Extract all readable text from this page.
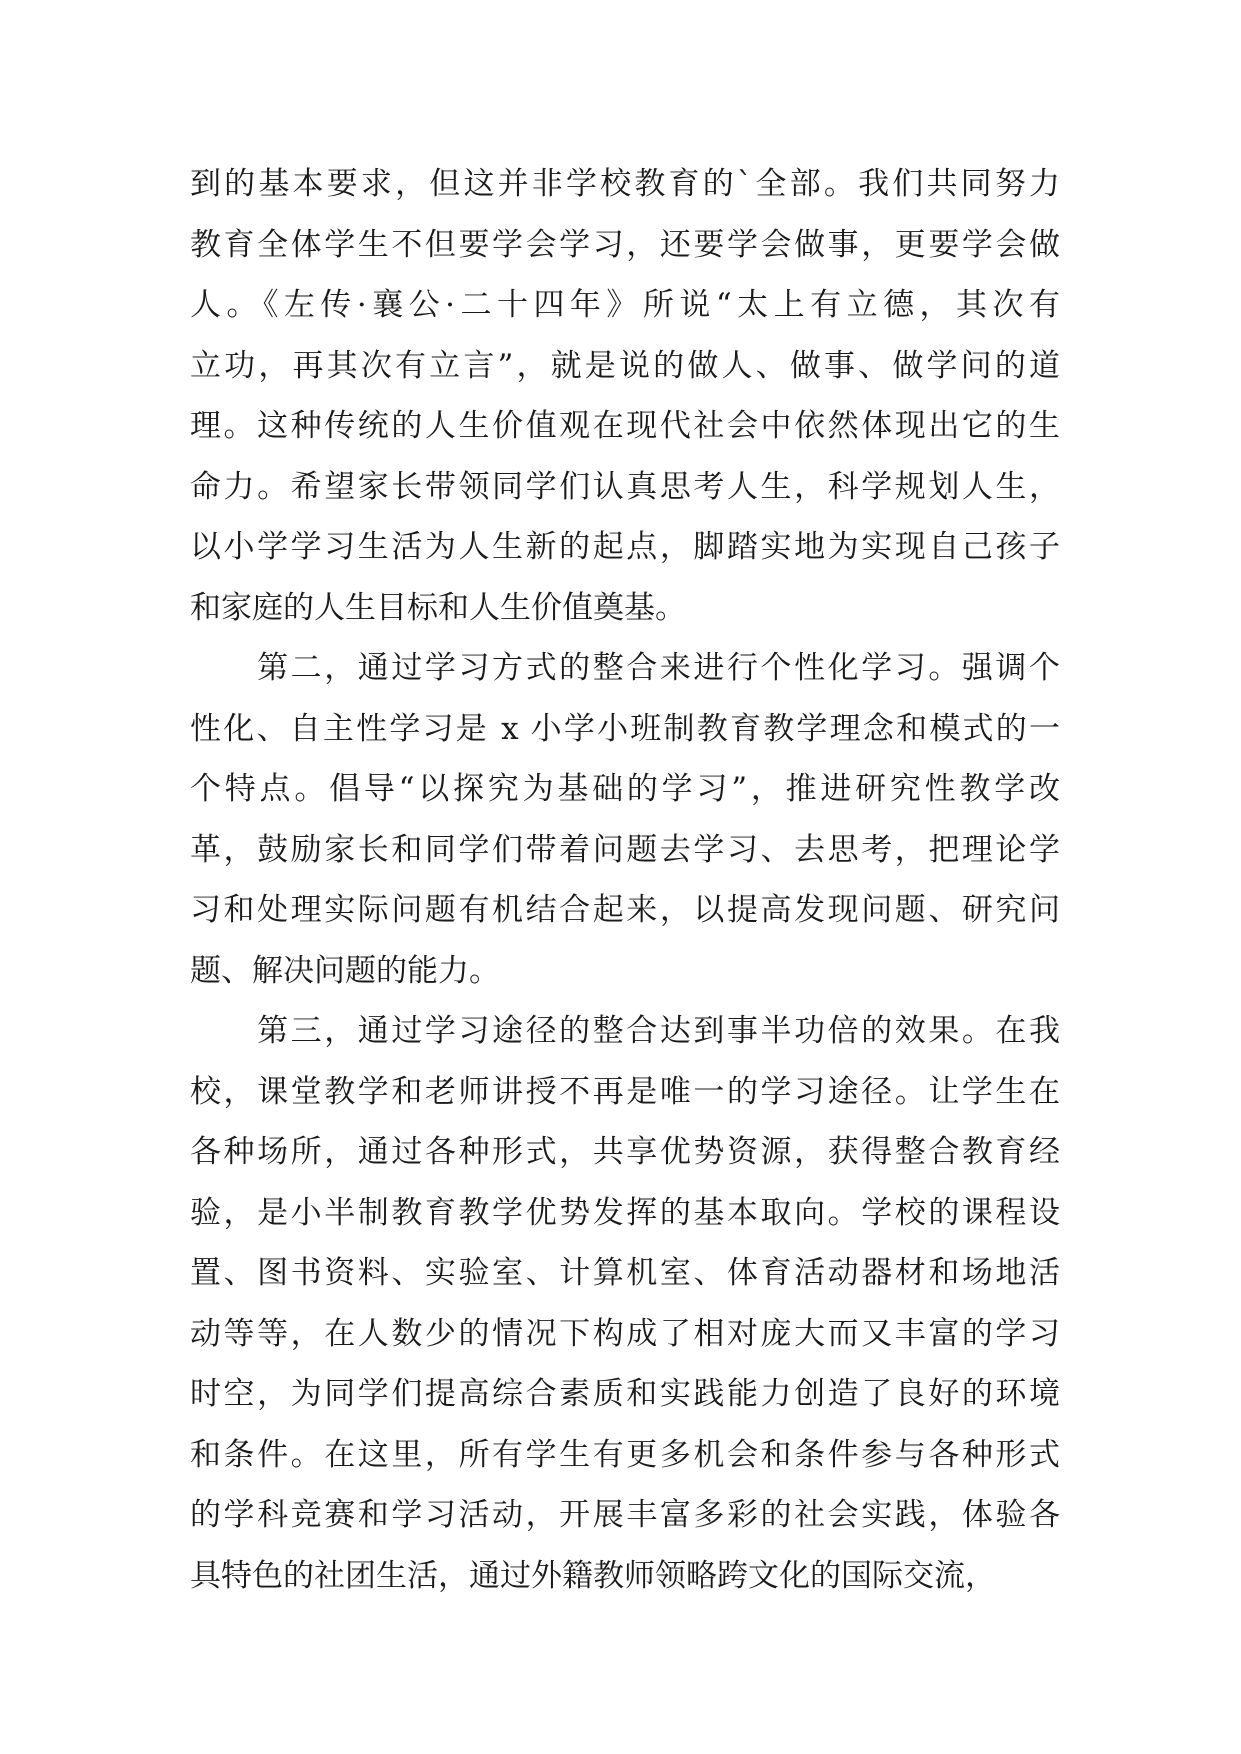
到的基本要求，但这并非学校教育的`全部。我们共同努力
教育全体学生不但要学会学习，还要学会做事，更要学会做
人。《左传·襄公·二十四年》所说“太上有立德，其次有
立功，再其次有立言”，就是说的做人、做事、做学问的道
理。这种传统的人生价值观在现代社会中依然体现出它的生
命力。希望家长带领同学们认真思考人生，科学规划人生，
以小学学习生活为人生新的起点，脚踏实地为实现自己孩子
和家庭的人生目标和人生价值奠基。
　　第二，通过学习方式的整合来进行个性化学习。强调个
性化、自主性学习是 x 小学小班制教育教学理念和模式的一
个特点。倡导“以探究为基础的学习”，推进研究性教学改
革，鼓励家长和同学们带着问题去学习、去思考，把理论学
习和处理实际问题有机结合起来，以提高发现问题、研究问
题、解决问题的能力。
　　第三，通过学习途径的整合达到事半功倍的效果。在我
校，课堂教学和老师讲授不再是唯一的学习途径。让学生在
各种场所，通过各种形式，共享优势资源，获得整合教育经
验，是小半制教育教学优势发挥的基本取向。学校的课程设
置、图书资料、实验室、计算机室、体育活动器材和场地活
动等等，在人数少的情况下构成了相对庞大而又丰富的学习
时空，为同学们提高综合素质和实践能力创造了良好的环境
和条件。在这里，所有学生有更多机会和条件参与各种形式
的学科竞赛和学习活动，开展丰富多彩的社会实践，体验各
具特色的社团生活，通过外籍教师领略跨文化的国际交流，
